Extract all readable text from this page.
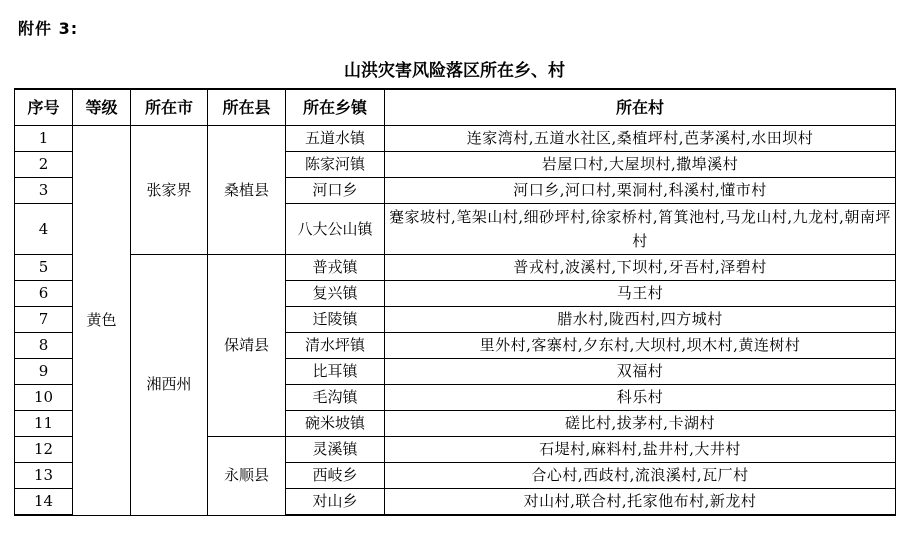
附件 3:
山洪灾害风险落区所在乡、村
序号	等级	所在市	所在县	所在乡镇	所在村
1	黄色	张家界	桑植县	五道水镇	连家湾村,五道水社区,桑植坪村,芭茅溪村,水田坝村
2				陈家河镇	岩屋口村,大屋坝村,撒埠溪村
3				河口乡	河口乡,河口村,栗洞村,科溪村,懂市村
4				八大公山镇	蹇家坡村,笔架山村,细砂坪村,徐家桥村,筲箕池村,马龙山村,九龙村,朝南坪村
5		湘西州	保靖县	普戎镇	普戎村,波溪村,下坝村,牙吾村,泽碧村
6				复兴镇	马王村
7				迁陵镇	腊水村,陇西村,四方城村
8				清水坪镇	里外村,客寨村,夕东村,大坝村,坝木村,黄连树村
9				比耳镇	双福村
10				毛沟镇	科乐村
11				碗米坡镇	磋比村,拔茅村,卡湖村
12			永顺县	灵溪镇	石堤村,麻料村,盐井村,大井村
13				西岐乡	合心村,西歧村,流浪溪村,瓦厂村
14				对山乡	对山村,联合村,托家他布村,新龙村
